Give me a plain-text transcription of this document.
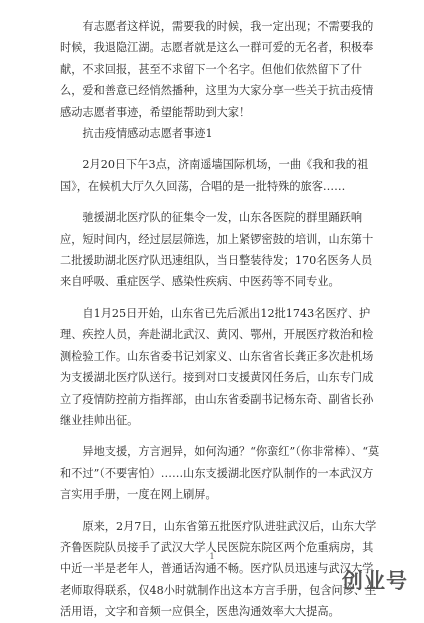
有志愿者这样说，需要我的时候，我一定出现；不需要我的时候，我退隐江湖。志愿者就是这么一群可爱的无名者，积极奉献，不求回报，甚至不求留下一个名字。但他们依然留下了什么，爱和善意已经悄然播种，这里为大家分享一些关于抗击疫情感动志愿者事迹，希望能帮助到大家！

抗击疫情感动志愿者事迹1

2月20日下午3点，济南遥墙国际机场，一曲《我和我的祖国》，在候机大厅久久回荡，合唱的是一批特殊的旅客……

驰援湖北医疗队的征集令一发，山东各医院的群里踊跃响应，短时间内，经过层层筛选，加上紧锣密鼓的培训，山东第十二批援助湖北医疗队迅速组队，当日整装待发；170名医务人员来自呼吸、重症医学、感染性疾病、中医药等不同专业。

自1月25日开始，山东省已先后派出12批1743名医疗、护理、疾控人员，奔赴湖北武汉、黄冈、鄂州，开展医疗救治和检测检验工作。山东省委书记刘家义、山东省省长龚正多次赴机场为支援湖北医疗队送行。接到对口支援黄冈任务后，山东专门成立了疫情防控前方指挥部，由山东省委副书记杨东奇、副省长孙继业挂帅出征。

异地支援，方言迥异，如何沟通？“你蛮红”（你非常棒）、“莫和不过”（不要害怕）……山东支援湖北医疗队制作的一本武汉方言实用手册，一度在网上刷屏。

原来，2月7日，山东省第五批医疗队进驻武汉后，山东大学齐鲁医院队员接手了武汉大学人民医院东院区两个危重病房，其中近一半是老年人，普通话沟通不畅。医疗队员迅速与武汉大学老师取得联系，仅48小时就制作出这本方言手册，包含问诊、生活用语，文字和音频一应俱全，医患沟通效率大大提高。

1
创业号
